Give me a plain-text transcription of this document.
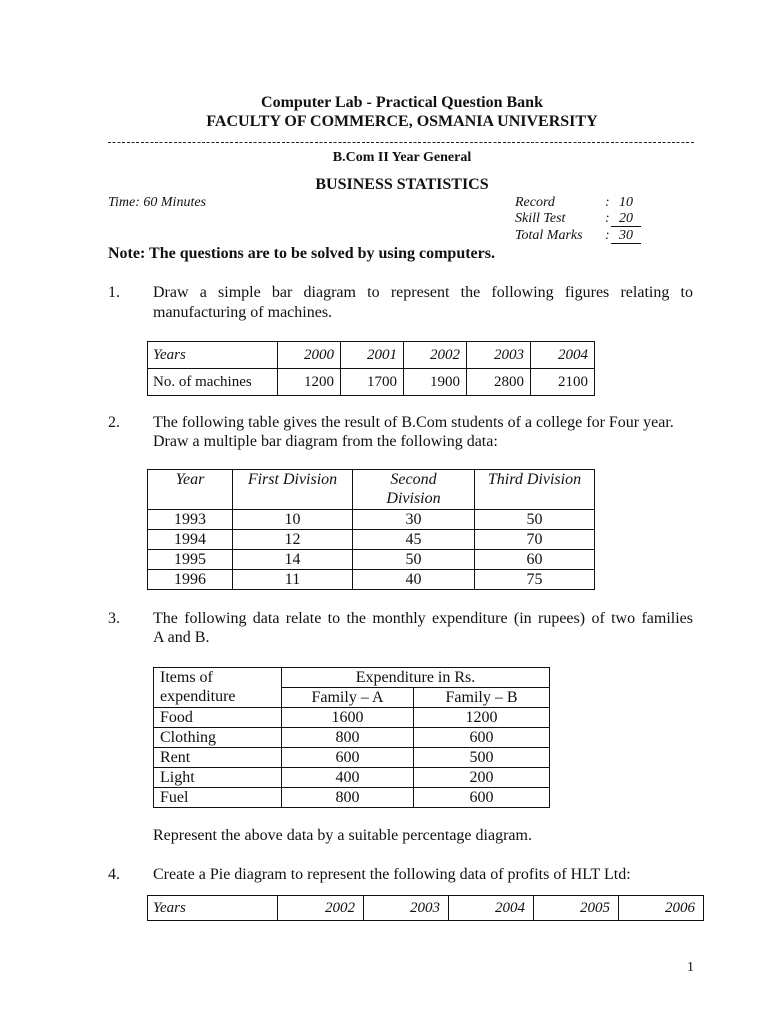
Computer Lab - Practical Question Bank
FACULTY OF COMMERCE, OSMANIA UNIVERSITY
B.Com II Year General
BUSINESS STATISTICS
Time: 60 Minutes	Record	: 10
Skill Test	: 20
Total Marks : 30
Note: The questions are to be solved by using computers.
1. Draw a simple bar diagram to represent the following figures relating to
manufacturing of machines.
Years	2000	2001	2002	2003	2004
No. of machines	1200	1700	1900	2800	2100
2. The following table gives the result of B.Com students of a college for Four year.
Draw a multiple bar diagram from the following data:
Year	First Division	Second Division	Third Division
1993	10	30	50
1994	12	45	70
1995	14	50	60
1996	11	40	75
3. The following data relate to the monthly expenditure (in rupees) of two families
A and B.
Items of expenditure	Expenditure in Rs.	
	Family – A	Family – B
Food	1600	1200
Clothing	800	600
Rent	600	500
Light	400	200
Fuel	800	600
Represent the above data by a suitable percentage diagram.
4. Create a Pie diagram to represent the following data of profits of HLT Ltd:
Years	2002	2003	2004	2005	2006
1
